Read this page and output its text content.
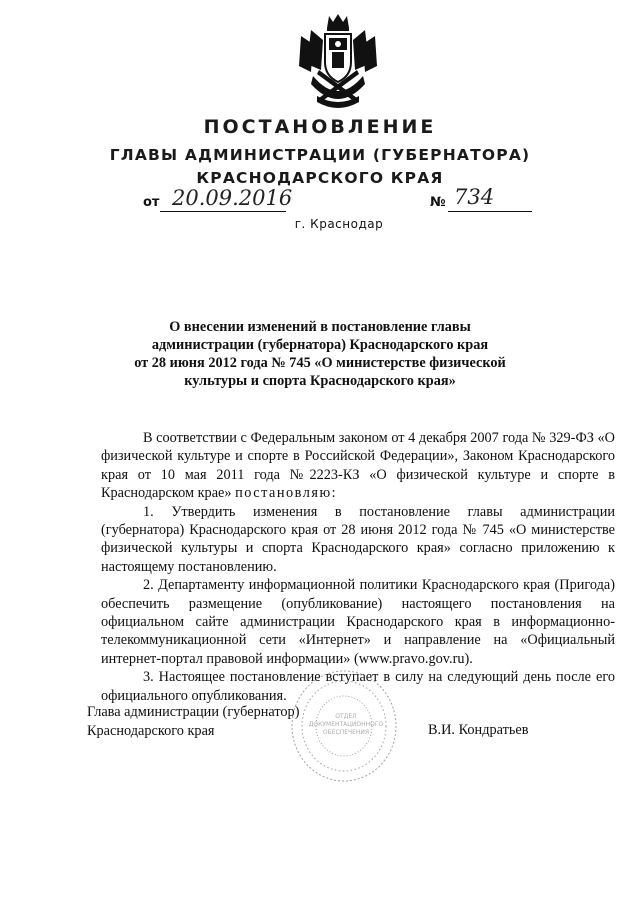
ПОСТАНОВЛЕНИЕ
ГЛАВЫ АДМИНИСТРАЦИИ (ГУБЕРНАТОРА)
КРАСНОДАРСКОГО КРАЯ
от 20.09.2016	№ 734
г. Краснодар
О внесении изменений в постановление главы
администрации (губернатора) Краснодарского края
от 28 июня 2012 года № 745 «О министерстве физической
культуры и спорта Краснодарского края»
В соответствии с Федеральным законом от 4 декабря 2007 года № 329-ФЗ «О физической культуре и спорте в Российской Федерации», Законом Краснодарского края от 10 мая 2011 года №2223-КЗ «О физической культуре и спорте в Краснодарском крае» постановляю:
1. Утвердить изменения в постановление главы администрации (губернатора) Краснодарского края от 28 июня 2012 года № 745 «О министерстве физической культуры и спорта Краснодарского края» согласно приложению к настоящему постановлению.
2. Департаменту информационной политики Краснодарского края (Пригода) обеспечить размещение (опубликование) настоящего постановления на официальном сайте администрации Краснодарского края в информационно-телекоммуникационной сети «Интернет» и направление на «Официальный интернет-портал правовой информации» (www.pravo.gov.ru).
3. Настоящее постановление вступает в силу на следующий день после его официального опубликования.
ОТДЕЛ
ДОКУМЕНТАЦИОННОГО
ОБЕСПЕЧЕНИЯ
Глава администрации (губернатор)
Краснодарского края	В.И. Кондратьев
